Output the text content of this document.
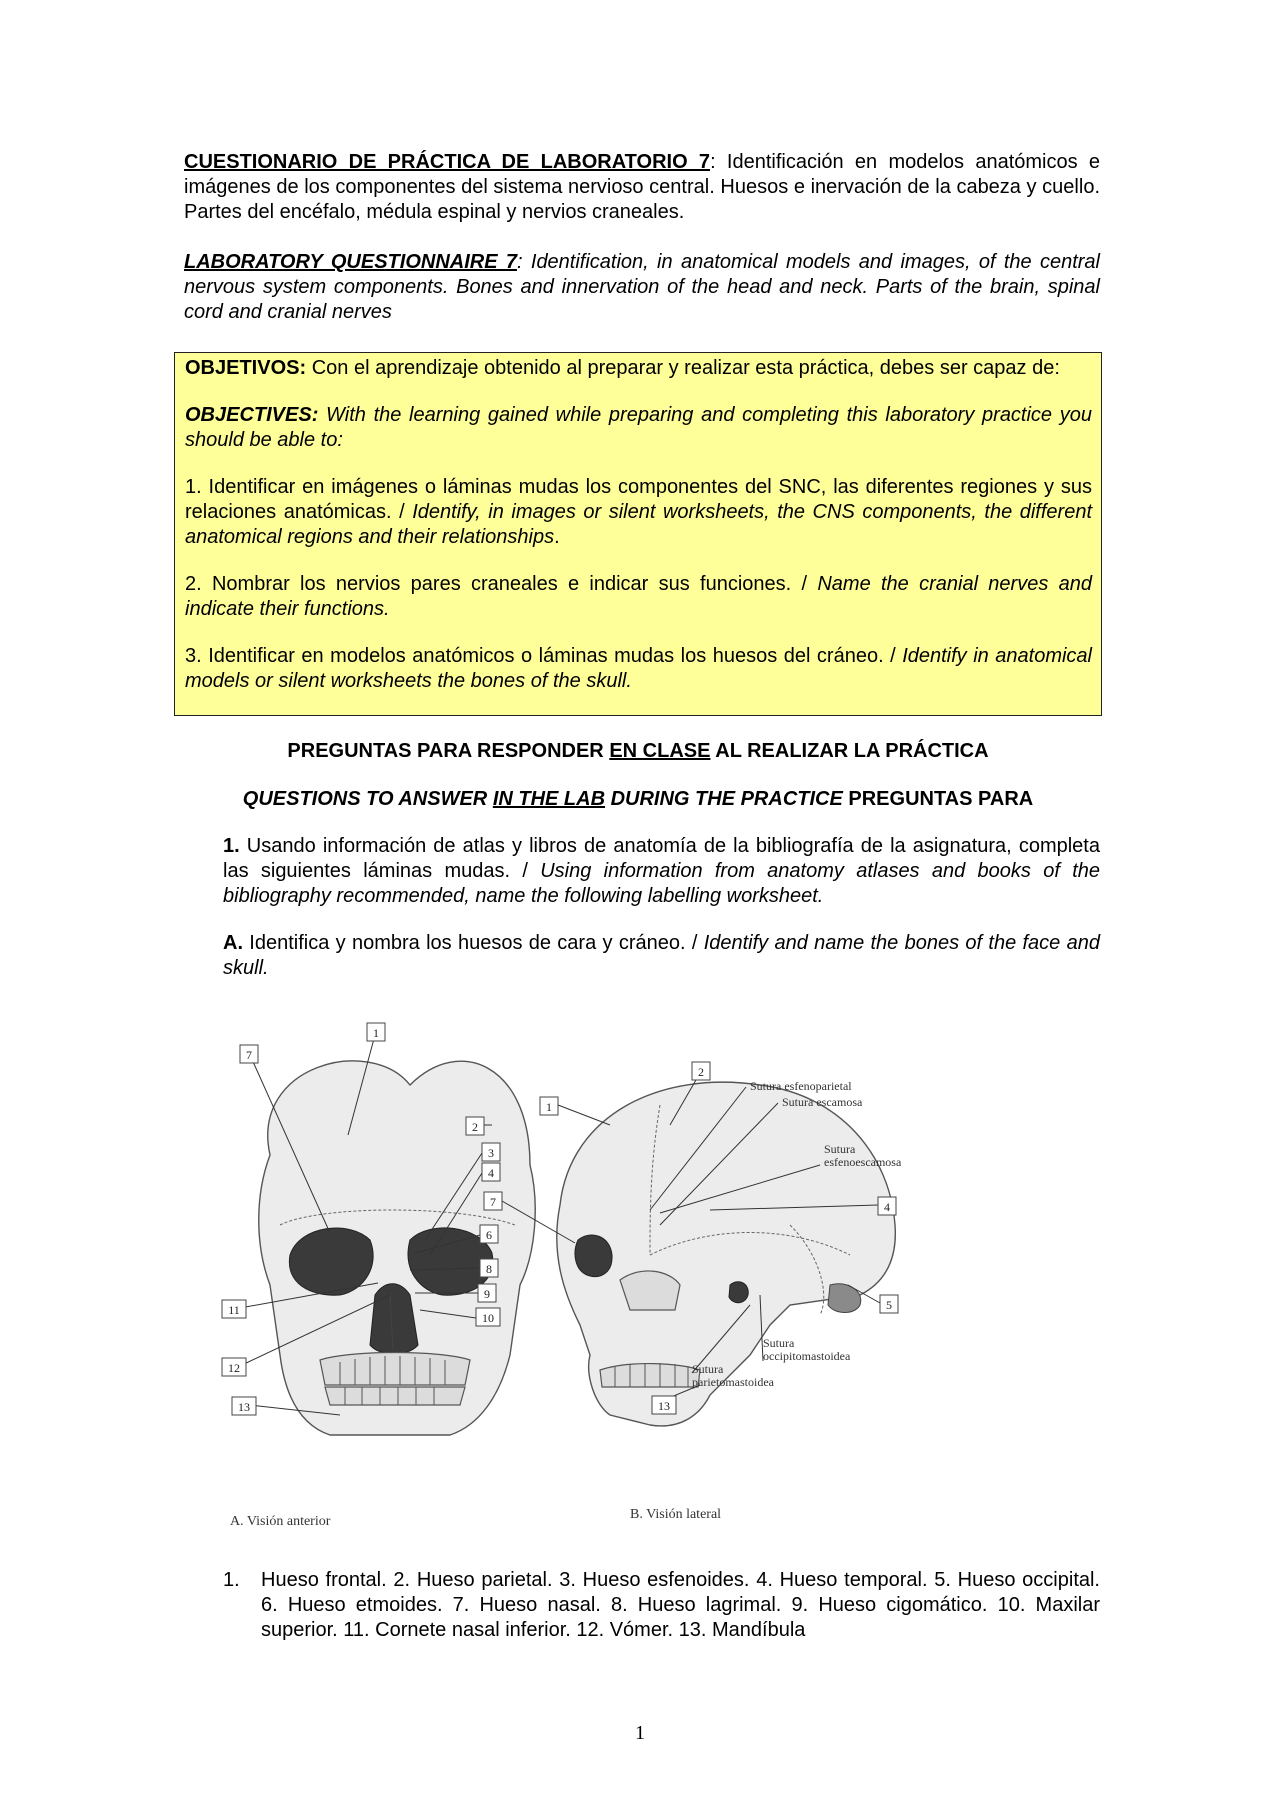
CUESTIONARIO DE PRÁCTICA DE LABORATORIO 7: Identificación en modelos anatómicos e imágenes de los componentes del sistema nervioso central. Huesos e inervación de la cabeza y cuello. Partes del encéfalo, médula espinal y nervios craneales.

LABORATORY QUESTIONNAIRE 7: Identification, in anatomical models and images, of the central nervous system components. Bones and innervation of the head and neck. Parts of the brain, spinal cord and cranial nerves

OBJETIVOS: Con el aprendizaje obtenido al preparar y realizar esta práctica, debes ser capaz de:

OBJECTIVES: With the learning gained while preparing and completing this laboratory practice you should be able to:

1. Identificar en imágenes o láminas mudas los componentes del SNC, las diferentes regiones y sus relaciones anatómicas. / Identify, in images or silent worksheets, the CNS components, the different anatomical regions and their relationships.

2. Nombrar los nervios pares craneales e indicar sus funciones. / Name the cranial nerves and indicate their functions.

3. Identificar en modelos anatómicos o láminas mudas los huesos del cráneo. / Identify in anatomical models or silent worksheets the bones of the skull.

PREGUNTAS PARA RESPONDER EN CLASE AL REALIZAR LA PRÁCTICA
QUESTIONS TO ANSWER IN THE LAB DURING THE PRACTICE PREGUNTAS PARA
1. Usando información de atlas y libros de anatomía de la bibliografía de la asignatura, completa las siguientes láminas mudas. / Using information from anatomy atlases and books of the bibliography recommended, name the following labelling worksheet.
A. Identifica y nombra los huesos de cara y cráneo. / Identify and name the bones of the face and skull.
1
7
2
3
4
6
8
9
10
11
12
13
1
2
4
5
7
13
Sutura esfenoparietal
Sutura escamosa
Sutura
esfenoescamosa
Sutura
occipitomastoidea
Sutura
parietomastoidea
A. Visión anterior	B. Visión lateral
1. Hueso frontal. 2. Hueso parietal. 3. Hueso esfenoides. 4. Hueso temporal. 5. Hueso occipital. 6. Hueso etmoides. 7. Hueso nasal. 8. Hueso lagrimal. 9. Hueso cigomático. 10. Maxilar superior. 11. Cornete nasal inferior. 12. Vómer. 13. Mandíbula
1
